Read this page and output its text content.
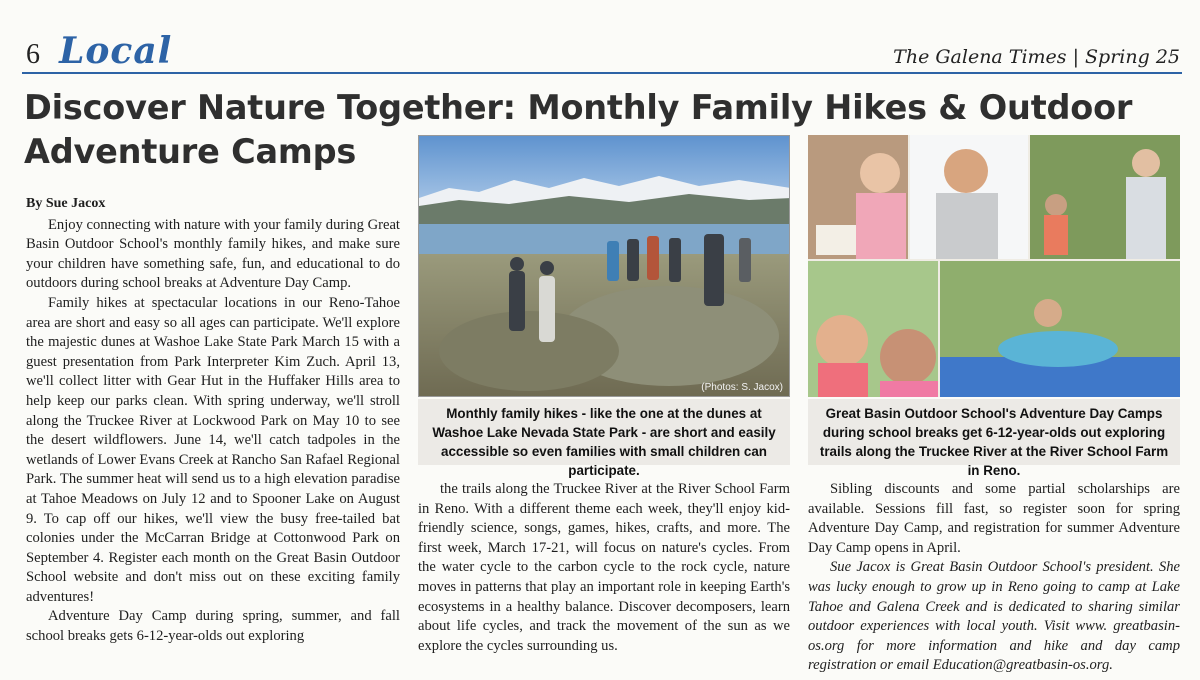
6 Local	The Galena Times | Spring 25
Discover Nature Together: Monthly Family Hikes & Outdoor
Adventure Camps
By Sue Jacox

Enjoy connecting with nature with your family during Great Basin Outdoor School's monthly family hikes, and make sure your children have something safe, fun, and educational to do outdoors during school breaks at Adventure Day Camp.

Family hikes at spectacular locations in our Reno-Tahoe area are short and easy so all ages can participate. We'll explore the majestic dunes at Washoe Lake State Park March 15 with a guest presentation from Park Interpreter Kim Zuch. April 13, we'll collect litter with Gear Hut in the Huffaker Hills area to help keep our parks clean. With spring underway, we'll stroll along the Truckee River at Lockwood Park on May 10 to see the desert wildflowers. June 14, we'll catch tadpoles in the wetlands of Lower Evans Creek at Rancho San Rafael Regional Park. The summer heat will send us to a high elevation paradise at Tahoe Meadows on July 12 and to Spooner Lake on August 9. To cap off our hikes, we'll view the busy free-tailed bat colonies under the McCarran Bridge at Cottonwood Park on September 4. Register each month on the Great Basin Outdoor School website and don't miss out on these exciting family adventures!

Adventure Day Camp during spring, summer, and fall school breaks gets 6-12-year-olds out exploring

(Photos: S. Jacox)
Monthly family hikes - like the one at the dunes at Washoe Lake Nevada State Park - are short and easily accessible so even families with small children can participate.
Great Basin Outdoor School's Adventure Day Camps during school breaks get 6-12-year-olds out exploring trails along the Truckee River at the River School Farm in Reno.

the trails along the Truckee River at the River School Farm in Reno. With a different theme each week, they'll enjoy kid-friendly science, songs, games, hikes, crafts, and more. The first week, March 17-21, will focus on nature's cycles. From the water cycle to the carbon cycle to the rock cycle, nature moves in patterns that play an important role in keeping Earth's ecosystems in a healthy balance. Discover decomposers, learn about life cycles, and track the movement of the sun as we explore the cycles surrounding us.

Sibling discounts and some partial scholarships are available. Sessions fill fast, so register soon for spring Adventure Day Camp, and registration for summer Adventure Day Camp opens in April.

Sue Jacox is Great Basin Outdoor School's president. She was lucky enough to grow up in Reno going to camp at Lake Tahoe and Galena Creek and is dedicated to sharing similar outdoor experiences with local youth. Visit www. greatbasin-os.org for more information and hike and day camp registration or email Education@greatbasin-os.org.
